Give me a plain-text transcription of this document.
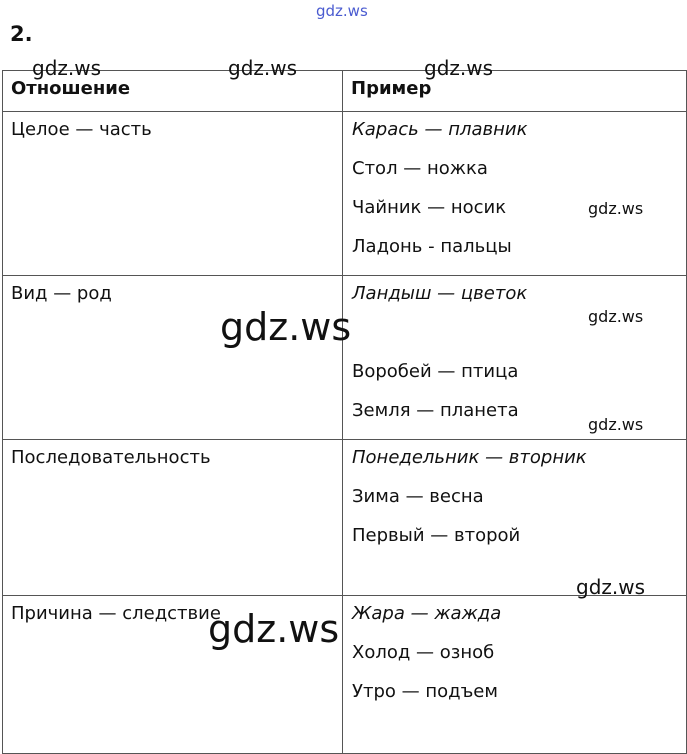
gdz.ws
2.
Отношение	Пример

Целое — часть	Карась — плавник
Стол — ножка
Чайник — носик
Ладонь - пальцы

Вид — род	Ландыш — цветок
Воробей — птица
Земля — планета

Последовательность	Понедельник — вторник
Зима — весна
Первый — второй

Причина — следствие	Жара — жажда
Холод — озноб
Утро — подъем
gdz.ws	gdz.ws	gdz.ws
gdz.ws
gdz.ws	gdz.ws
gdz.ws
gdz.ws
gdz.ws
